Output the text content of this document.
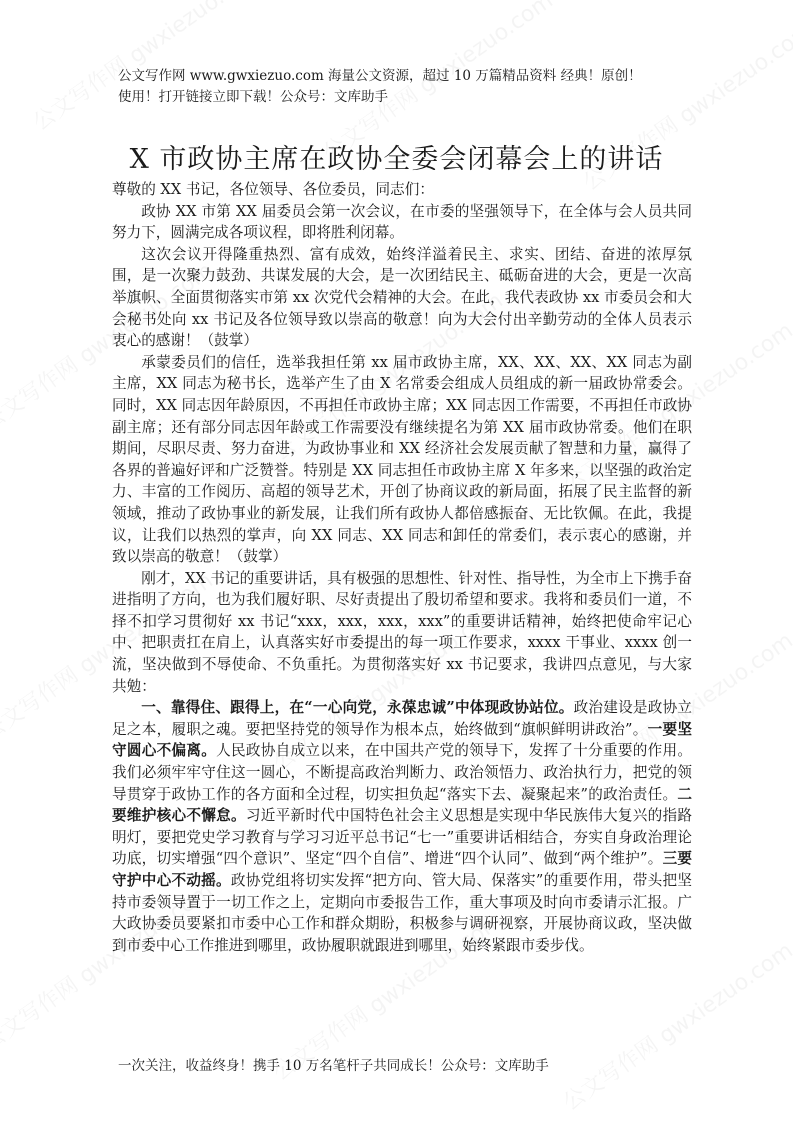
公文写作网 www.gwxiezuo.com 海量公文资源，超过 10 万篇精品资料 经典！原创！
使用！打开链接立即下载！公众号：文库助手
X 市政协主席在政协全委会闭幕会上的讲话

尊敬的 XX 书记，各位领导、各位委员，同志们：

政协 XX 市第 XX 届委员会第一次会议，在市委的坚强领导下，在全体与会人员共同努力下，圆满完成各项议程，即将胜利闭幕。

这次会议开得隆重热烈、富有成效，始终洋溢着民主、求实、团结、奋进的浓厚氛围，是一次聚力鼓劲、共谋发展的大会，是一次团结民主、砥砺奋进的大会，更是一次高举旗帜、全面贯彻落实市第 xx 次党代会精神的大会。在此，我代表政协 xx 市委员会和大会秘书处向 xx 书记及各位领导致以崇高的敬意！向为大会付出辛勤劳动的全体人员表示衷心的感谢！（鼓掌）

承蒙委员们的信任，选举我担任第 xx 届市政协主席，XX、XX、XX、XX 同志为副主席，XX 同志为秘书长，选举产生了由 X 名常委会组成人员组成的新一届政协常委会。同时，XX 同志因年龄原因，不再担任市政协主席；XX 同志因工作需要，不再担任市政协副主席；还有部分同志因年龄或工作需要没有继续提名为第 XX 届市政协常委。他们在职期间，尽职尽责、努力奋进，为政协事业和 XX 经济社会发展贡献了智慧和力量，赢得了各界的普遍好评和广泛赞誉。特别是 XX 同志担任市政协主席 X 年多来，以坚强的政治定力、丰富的工作阅历、高超的领导艺术，开创了协商议政的新局面，拓展了民主监督的新领域，推动了政协事业的新发展，让我们所有政协人都倍感振奋、无比钦佩。在此，我提议，让我们以热烈的掌声，向 XX 同志、XX 同志和卸任的常委们，表示衷心的感谢，并致以崇高的敬意！（鼓掌）

刚才，XX 书记的重要讲话，具有极强的思想性、针对性、指导性，为全市上下携手奋进指明了方向，也为我们履好职、尽好责提出了殷切希望和要求。我将和委员们一道，不择不扣学习贯彻好 xx 书记“xxx，xxx，xxx，xxx”的重要讲话精神，始终把使命牢记心中、把职责扛在肩上，认真落实好市委提出的每一项工作要求，xxxx 干事业、xxxx 创一流，坚决做到不辱使命、不负重托。为贯彻落实好 xx 书记要求，我讲四点意见，与大家共勉：

一、靠得住、跟得上，在“一心向党，永葆忠诚”中体现政协站位。政治建设是政协立足之本，履职之魂。要把坚持党的领导作为根本点，始终做到“旗帜鲜明讲政治”。一要坚守圆心不偏离。人民政协自成立以来，在中国共产党的领导下，发挥了十分重要的作用。我们必须牢牢守住这一圆心，不断提高政治判断力、政治领悟力、政治执行力，把党的领导贯穿于政协工作的各方面和全过程，切实担负起“落实下去、凝聚起来”的政治责任。二要维护核心不懈怠。习近平新时代中国特色社会主义思想是实现中华民族伟大复兴的指路明灯，要把党史学习教育与学习习近平总书记“七一”重要讲话相结合，夯实自身政治理论功底，切实增强“四个意识”、坚定“四个自信”、增进“四个认同”、做到“两个维护”。三要守护中心不动摇。政协党组将切实发挥“把方向、管大局、保落实”的重要作用，带头把坚持市委领导置于一切工作之上，定期向市委报告工作，重大事项及时向市委请示汇报。广大政协委员要紧扣市委中心工作和群众期盼，积极参与调研视察，开展协商议政，坚决做到市委中心工作推进到哪里，政协履职就跟进到哪里，始终紧跟市委步伐。

一次关注，收益终身！携手 10 万名笔杆子共同成长！公众号：文库助手
